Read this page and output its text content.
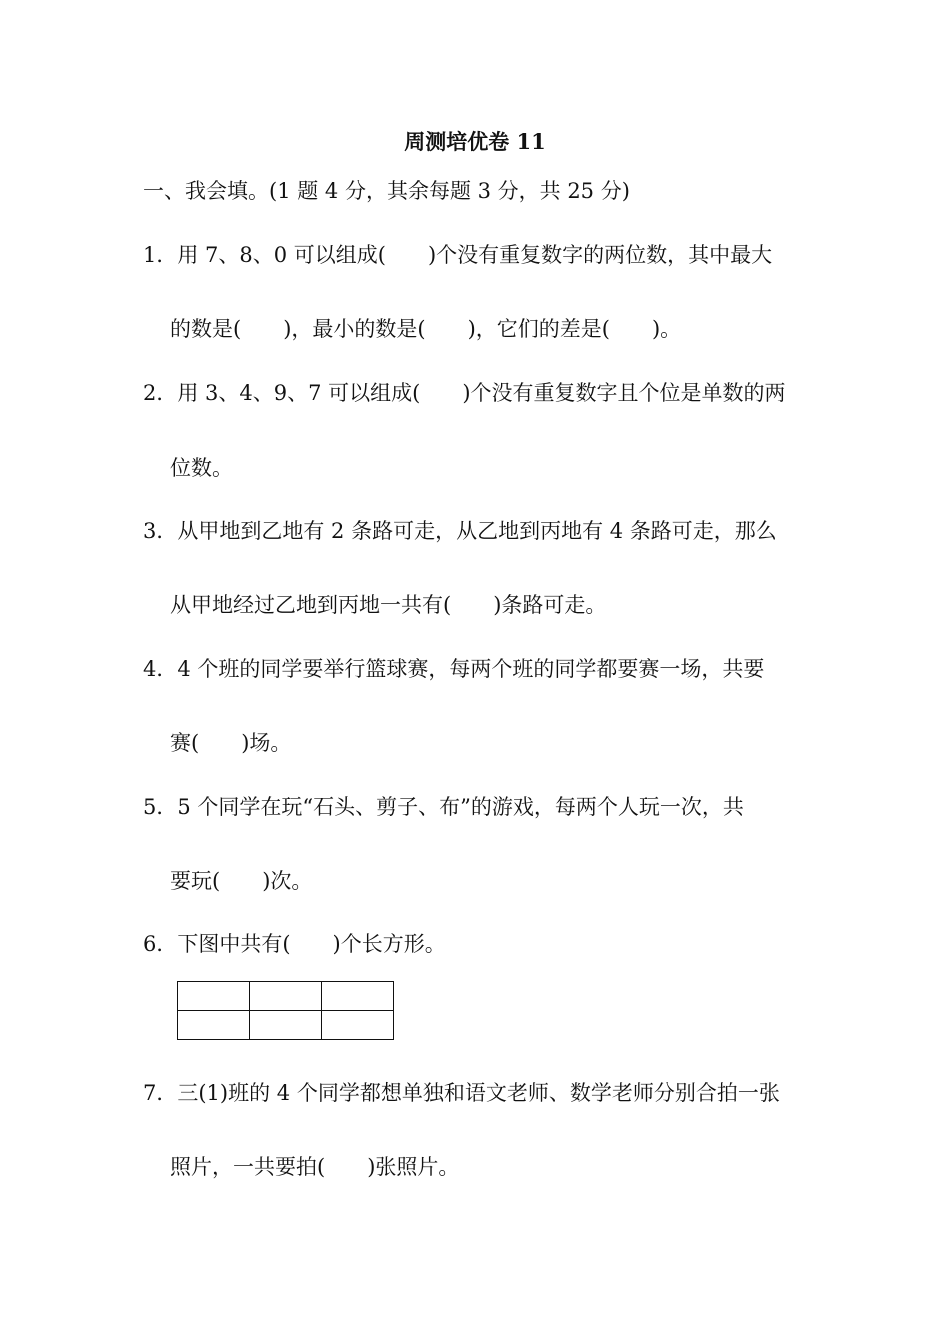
周测培优卷 11
一、我会填。(1 题 4 分，其余每题 3 分，共 25 分)
1．用 7、8、0 可以组成(　　)个没有重复数字的两位数，其中最大
的数是(　　)，最小的数是(　　)，它们的差是(　　)。
2．用 3、4、9、7 可以组成(　　)个没有重复数字且个位是单数的两
位数。
3．从甲地到乙地有 2 条路可走，从乙地到丙地有 4 条路可走，那么
从甲地经过乙地到丙地一共有(　　)条路可走。
4．4 个班的同学要举行篮球赛，每两个班的同学都要赛一场，共要
赛(　　)场。
5．5 个同学在玩“石头、剪子、布”的游戏，每两个人玩一次，共
要玩(　　)次。
6．下图中共有(　　)个长方形。

7．三(1)班的 4 个同学都想单独和语文老师、数学老师分别合拍一张
照片，一共要拍(　　)张照片。
